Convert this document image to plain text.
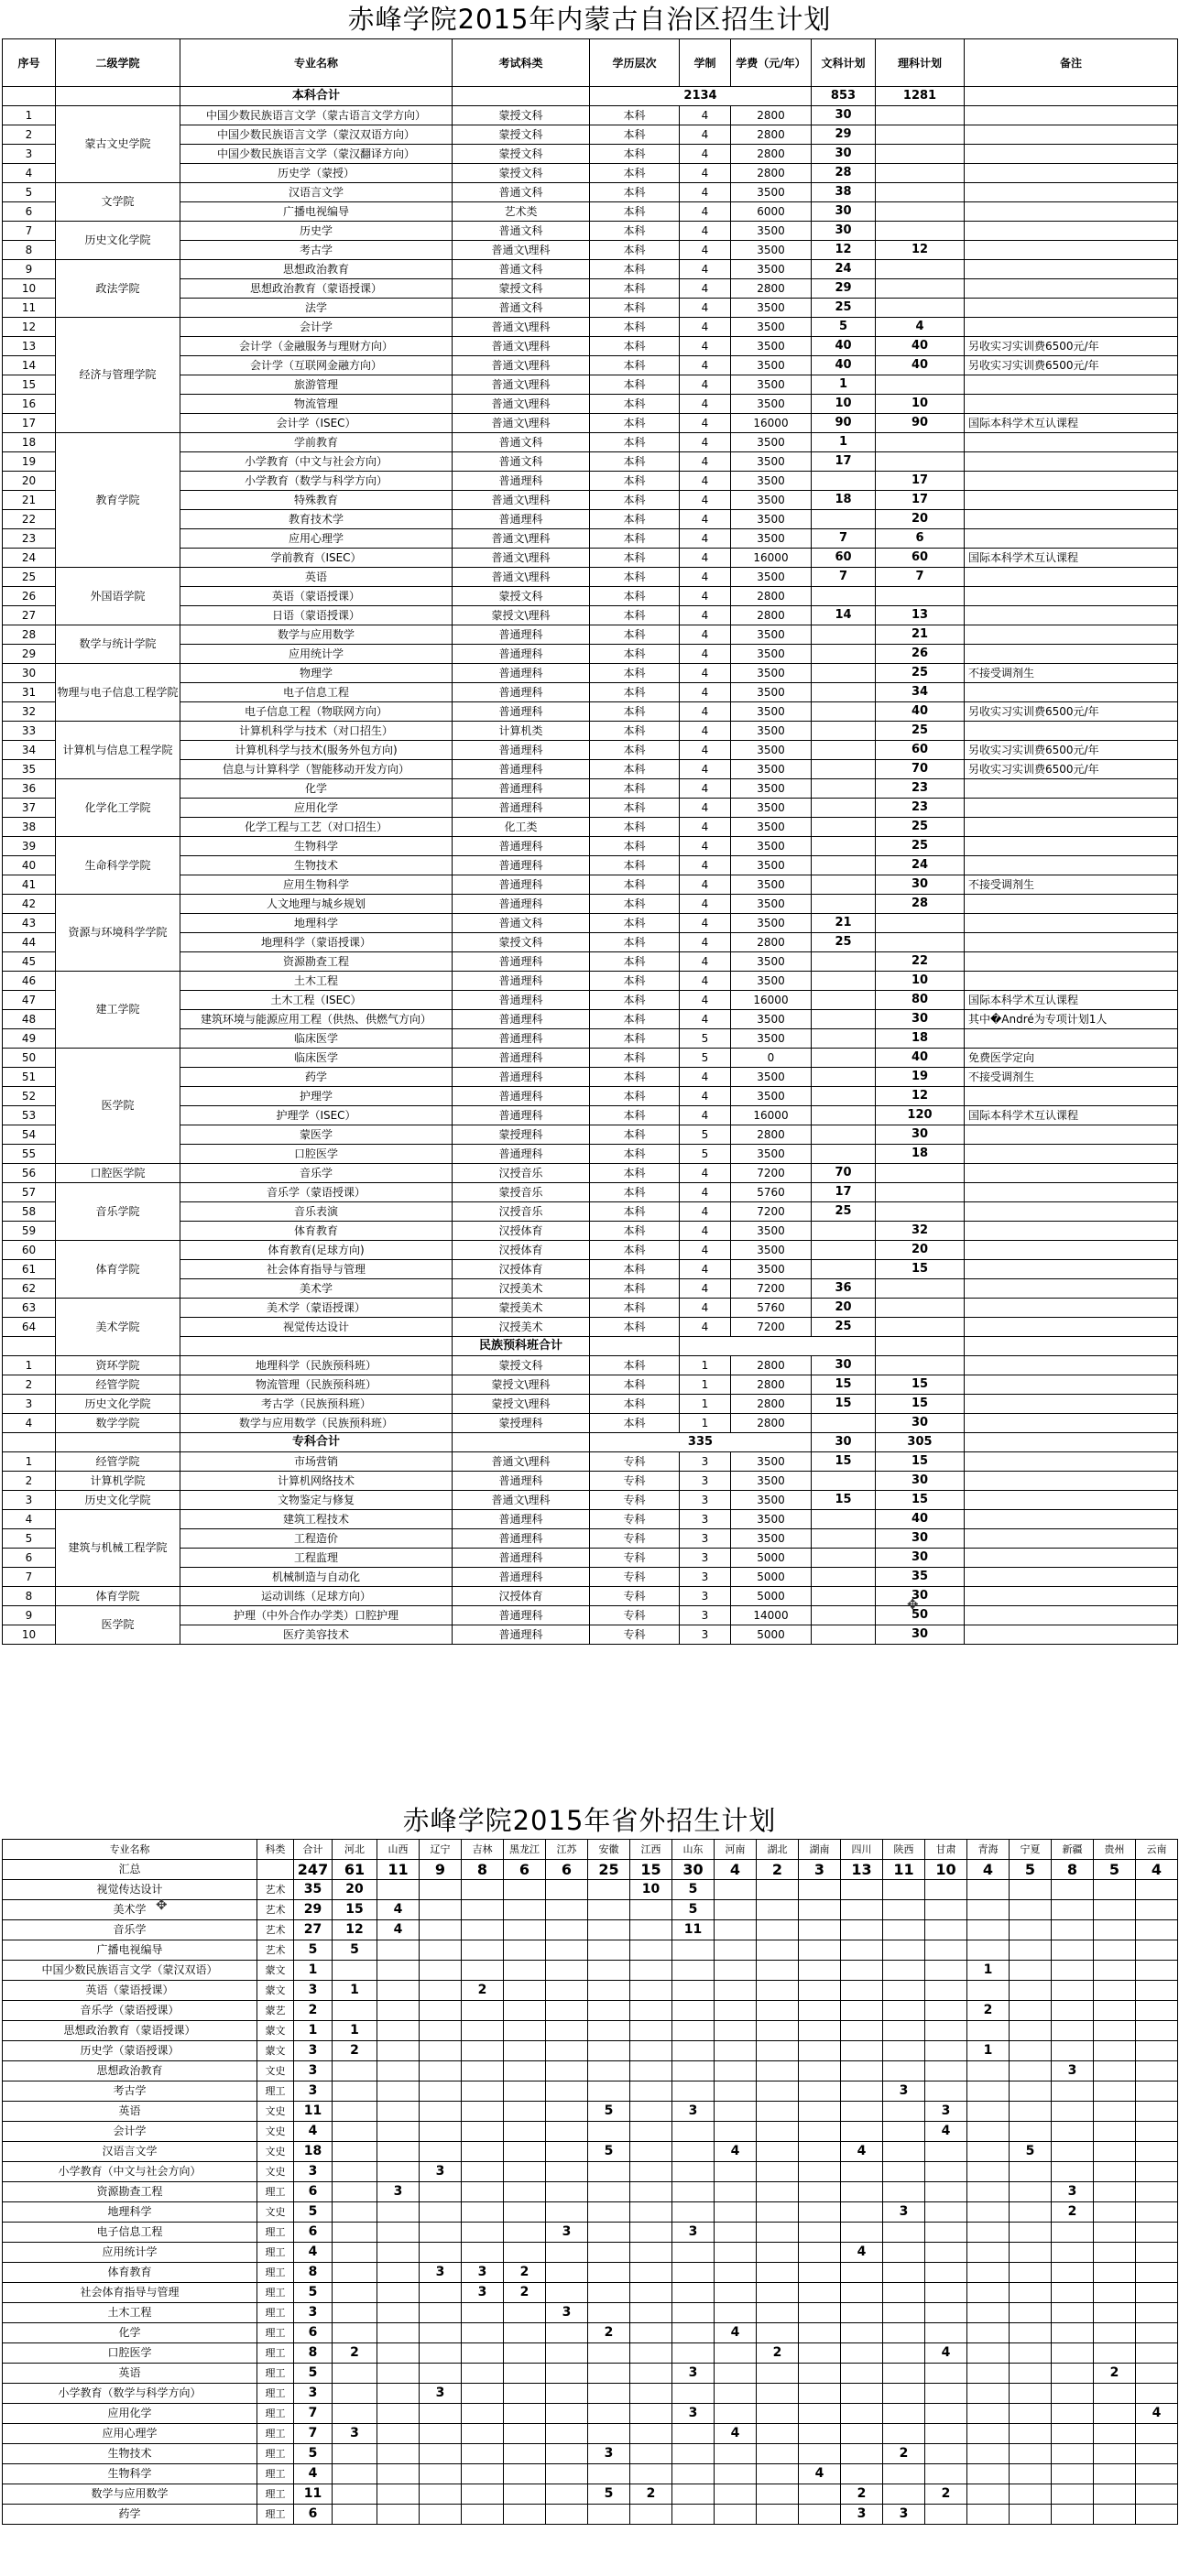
赤峰学院2015年内蒙古自治区招生计划
序号	二级学院	专业名称	考试科类	学历层次	学制	学费（元/年）	文科计划	理科计划	备注	
		本科合计		2134			853	1281		
1	蒙古文史学院	中国少数民族语言文学（蒙古语言文学方向）	蒙授文科	本科	4	2800	30			
2		中国少数民族语言文学（蒙汉双语方向）	蒙授文科	本科	4	2800	29			
3		中国少数民族语言文学（蒙汉翻译方向）	蒙授文科	本科	4	2800	30			
4		历史学（蒙授）	蒙授文科	本科	4	2800	28			
5	文学院	汉语言文学	普通文科	本科	4	3500	38			
6		广播电视编导	艺术类	本科	4	6000	30			
7	历史文化学院	历史学	普通文科	本科	4	3500	30			
8		考古学	普通文\理科	本科	4	3500	12	12		
9	政法学院	思想政治教育	普通文科	本科	4	3500	24			
10		思想政治教育（蒙语授课）	蒙授文科	本科	4	2800	29			
11		法学	普通文科	本科	4	3500	25			
12	经济与管理学院	会计学	普通文\理科	本科	4	3500	5	4		
13		会计学（金融服务与理财方向）	普通文\理科	本科	4	3500	40	40	另收实习实训费6500元/年	
14		会计学（互联网金融方向）	普通文\理科	本科	4	3500	40	40	另收实习实训费6500元/年	
15		旅游管理	普通文\理科	本科	4	3500	1			
16		物流管理	普通文\理科	本科	4	3500	10	10		
17		会计学（ISEC）	普通文\理科	本科	4	16000	90	90	国际本科学术互认课程	
18	教育学院	学前教育	普通文科	本科	4	3500	1			
19		小学教育（中文与社会方向）	普通文科	本科	4	3500	17			
20		小学教育（数学与科学方向）	普通理科	本科	4	3500		17		
21		特殊教育	普通文\理科	本科	4	3500	18	17		
22		教育技术学	普通理科	本科	4	3500		20		
23		应用心理学	普通文\理科	本科	4	3500	7	6		
24		学前教育（ISEC）	普通文\理科	本科	4	16000	60	60	国际本科学术互认课程	
25	外国语学院	英语	普通文\理科	本科	4	3500	7	7		
26		英语（蒙语授课）	蒙授文科	本科	4	2800				
27		日语（蒙语授课）	蒙授文\理科	本科	4	2800	14	13		
28	数学与统计学院	数学与应用数学	普通理科	本科	4	3500		21		
29		应用统计学	普通理科	本科	4	3500		26		
30	物理与电子信息工程学院	物理学	普通理科	本科	4	3500		25	不接受调剂生	
31		电子信息工程	普通理科	本科	4	3500		34		
32		电子信息工程（物联网方向）	普通理科	本科	4	3500		40	另收实习实训费6500元/年	
33	计算机与信息工程学院	计算机科学与技术（对口招生）	计算机类	本科	4	3500		25		
34		计算机科学与技术(服务外包方向)	普通理科	本科	4	3500		60	另收实习实训费6500元/年	
35		信息与计算科学（智能移动开发方向）	普通理科	本科	4	3500		70	另收实习实训费6500元/年	
36	化学化工学院	化学	普通理科	本科	4	3500		23		
37		应用化学	普通理科	本科	4	3500		23		
38		化学工程与工艺（对口招生）	化工类	本科	4	3500		25		
39	生命科学学院	生物科学	普通理科	本科	4	3500		25		
40		生物技术	普通理科	本科	4	3500		24		
41		应用生物科学	普通理科	本科	4	3500		30	不接受调剂生	
42	资源与环境科学学院	人文地理与城乡规划	普通理科	本科	4	3500		28		
43		地理科学	普通文科	本科	4	3500	21			
44		地理科学（蒙语授课）	蒙授文科	本科	4	2800	25			
45		资源勘查工程	普通理科	本科	4	3500		22		
46	建工学院	土木工程	普通理科	本科	4	3500		10		
47		土木工程（ISEC）	普通理科	本科	4	16000		80	国际本科学术互认课程	
48		建筑环境与能源应用工程（供热、供燃气方向）	普通理科	本科	4	3500		30	其中�André为专项计划1人	
49		临床医学	普通理科	本科	5	3500		18		
50	医学院	临床医学	普通理科	本科	5	0		40	免费医学定向	
51		药学	普通理科	本科	4	3500		19	不接受调剂生	
52		护理学	普通理科	本科	4	3500		12		
53		护理学（ISEC）	普通理科	本科	4	16000		120	国际本科学术互认课程	
54		蒙医学	蒙授理科	本科	5	2800		30		
55		口腔医学	普通理科	本科	5	3500		18		
56	口腔医学院	音乐学	汉授音乐	本科	4	7200	70			
57	音乐学院	音乐学（蒙语授课）	蒙授音乐	本科	4	5760	17			
58		音乐表演	汉授音乐	本科	4	7200	25			
59		体育教育	汉授体育	本科	4	3500		32		
60	体育学院	体育教育(足球方向)	汉授体育	本科	4	3500		20		
61		社会体育指导与管理	汉授体育	本科	4	3500		15		
62		美术学	汉授美术	本科	4	7200	36			
63	美术学院	美术学（蒙语授课）	蒙授美术	本科	4	5760	20			
64		视觉传达设计	汉授美术	本科	4	7200	25			
			民族预科班合计							
1	资环学院	地理科学（民族预科班）	蒙授文科	本科	1	2800	30			
2	经管学院	物流管理（民族预科班）	蒙授文\理科	本科	1	2800	15	15		
3	历史文化学院	考古学（民族预科班）	蒙授文\理科	本科	1	2800	15	15		
4	数学学院	数学与应用数学（民族预科班）	蒙授理科	本科	1	2800		30		
		专科合计		335			30	305		
1	经管学院	市场营销	普通文\理科	专科	3	3500	15	15		
2	计算机学院	计算机网络技术	普通理科	专科	3	3500		30		
3	历史文化学院	文物鉴定与修复	普通文\理科	专科	3	3500	15	15		
4	建筑与机械工程学院	建筑工程技术	普通理科	专科	3	3500		40		
5		工程造价	普通理科	专科	3	3500		30		
6		工程监理	普通理科	专科	3	5000		30		
7		机械制造与自动化	普通理科	专科	3	5000		35		
8	体育学院	运动训练（足球方向）	汉授体育	专科	3	5000		30		
9	医学院	护理（中外合作办学类）口腔护理	普通理科	专科	3	14000		50		
10		医疗美容技术	普通理科	专科	3	5000		30		
赤峰学院2015年省外招生计划
专业名称	科类	合计	河北	山西	辽宁	吉林	黑龙江	江苏	安徽	江西	山东	河南	湖北	湖南	四川	陕西	甘肃	青海	宁夏	新疆	贵州	云南
汇总		247	61	11	9	8	6	6	25	15	30	4	2	3	13	11	10	4	5	8	5	4
视觉传达设计	艺术	35	20							10	5											
美术学	艺术	29	15	4							5											
音乐学	艺术	27	12	4							11											
广播电视编导	艺术	5	5																			
中国少数民族语言文学（蒙汉双语）	蒙文	1																1				
英语（蒙语授课）	蒙文	3	1			2																
音乐学（蒙语授课）	蒙艺	2																2				
思想政治教育（蒙语授课）	蒙文	1	1																			
历史学（蒙语授课）	蒙文	3	2															1				
思想政治教育	文史	3																		3		
考古学	理工	3														3						
英语	文史	11							5		3						3					
会计学	文史	4															4					
汉语言文学	文史	18							5			4			4				5			
小学教育（中文与社会方向）	文史	3			3																	
资源勘查工程	理工	6		3																3		
地理科学	文史	5														3				2		
电子信息工程	理工	6						3			3											
应用统计学	理工	4													4							
体育教育	理工	8			3	3	2															
社会体育指导与管理	理工	5				3	2															
土木工程	理工	3						3														
化学	理工	6							2			4										
口腔医学	理工	8	2										2				4					
英语	理工	5									3										2	
小学教育（数学与科学方向）	理工	3			3																	
应用化学	理工	7									3											4
应用心理学	理工	7	3									4										
生物技术	理工	5							3							2						
生物科学	理工	4												4								
数学与应用数学	理工	11							5	2					2		2					
药学	理工	6													3	3						
✥
✥
